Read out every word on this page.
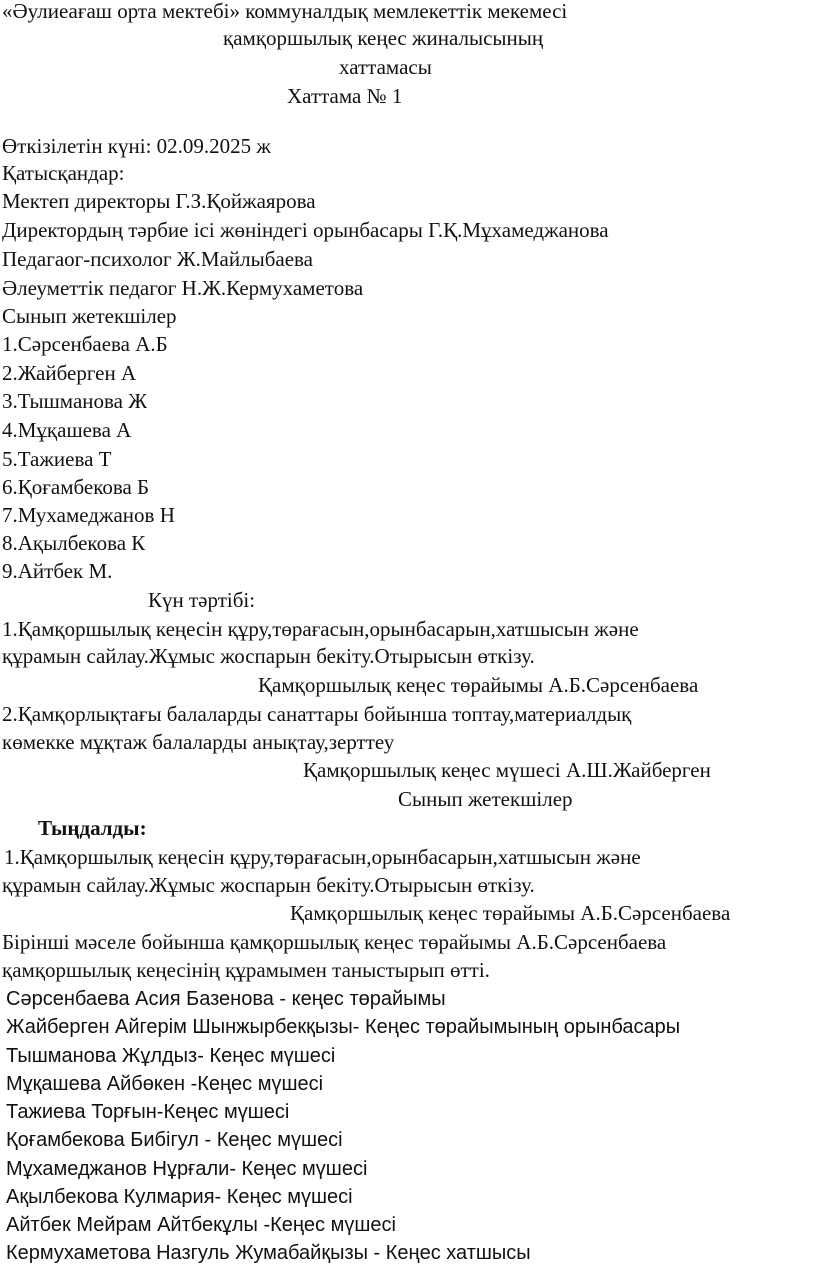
«Әулиеағаш орта мектебі» коммуналдық мемлекеттік мекемесі
қамқоршылық кеңес жиналысының
хаттамасы
Хаттама № 1
Өткізілетін күні: 02.09.2025 ж
Қатысқандар:
Мектеп директоры Г.З.Қойжаярова
Директордың тәрбие ісі жөніндегі орынбасары Г.Қ.Мұхамеджанова
Педагаог-психолог Ж.Майлыбаева
Әлеуметтік педагог Н.Ж.Кермухаметова
Сынып жетекшілер
1.Сәрсенбаева А.Б
2.Жайберген А
3.Тышманова Ж
4.Мұқашева А
5.Тажиева Т
6.Қоғамбекова Б
7.Мухамеджанов Н
8.Ақылбекова К
9.Айтбек М.
Күн тәртібі:
1.Қамқоршылық кеңесін құру,төрағасын,орынбасарын,хатшысын және
құрамын сайлау.Жұмыс жоспарын бекіту.Отырысын өткізу.
Қамқоршылық кеңес төрайымы А.Б.Сәрсенбаева
2.Қамқорлықтағы балаларды санаттары бойынша топтау,материалдық
көмекке мұқтаж балаларды анықтау,зерттеу
Қамқоршылық кеңес мүшесі А.Ш.Жайберген
Сынып жетекшілер
Тыңдалды:
1.Қамқоршылық кеңесін құру,төрағасын,орынбасарын,хатшысын және
құрамын сайлау.Жұмыс жоспарын бекіту.Отырысын өткізу.
Қамқоршылық кеңес төрайымы А.Б.Сәрсенбаева
Бірінші мәселе бойынша қамқоршылық кеңес төрайымы А.Б.Сәрсенбаева
қамқоршылық кеңесінің құрамымен таныстырып өтті.
Сәрсенбаева Асия Базенова - кеңес төрайымы
Жайберген Айгерім Шынжырбекқызы- Кеңес төрайымының орынбасары
Тышманова Жұлдыз- Кеңес мүшесі
Мұқашева Айбөкен -Кеңес мүшесі
Тажиева Торғын-Кеңес мүшесі
Қоғамбекова Бибігул - Кеңес мүшесі
Мұхамеджанов Нұрғали- Кеңес мүшесі
Ақылбекова Кулмария- Кеңес мүшесі
Айтбек Мейрам Айтбекұлы -Кеңес мүшесі
Кермухаметова Назгуль Жумабайқызы - Кеңес хатшысы
